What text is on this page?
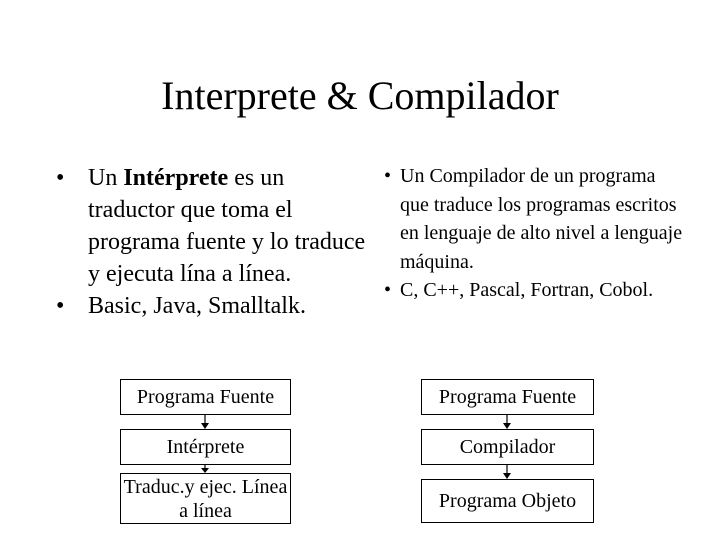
Interprete & Compilador
• Un Intérprete es un traductor que toma el programa fuente y lo traduce y ejecuta lína a línea.
• Basic, Java, Smalltalk.
• Un Compilador de un programa que traduce los programas escritos en lenguaje de alto nivel a lenguaje máquina.
• C, C++, Pascal, Fortran, Cobol.
Programa Fuente
Intérprete
Traduc.y ejec. Línea a línea
Programa Fuente
Compilador
Programa Objeto
